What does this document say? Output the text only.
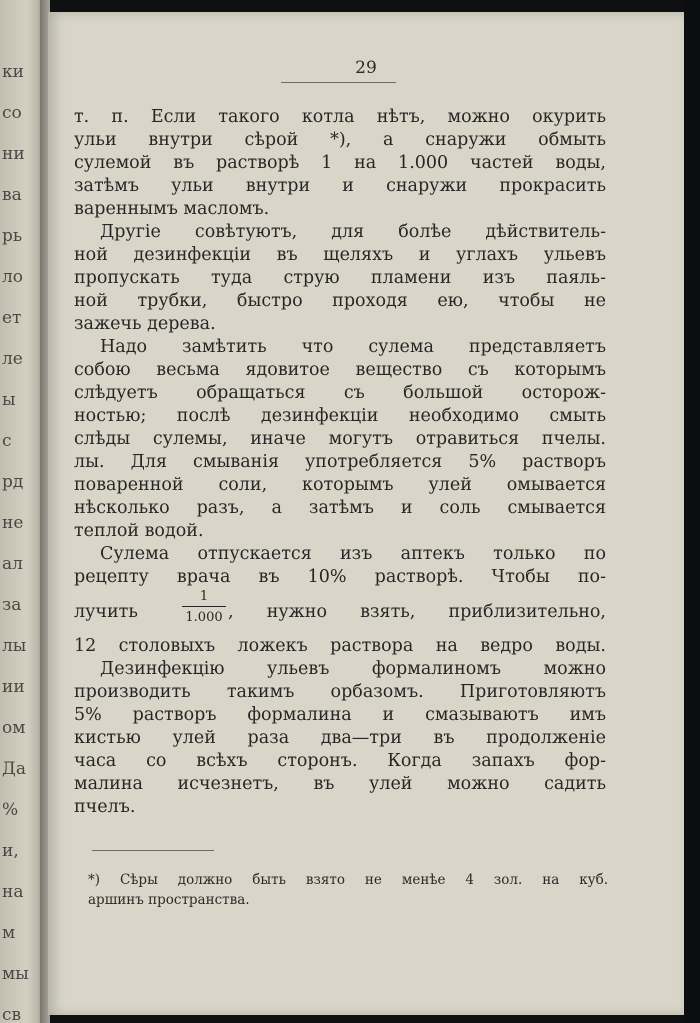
ки
со
ни
ва
рь
ло
ет
ле
ы
с
рд
не
ал
за
лы
ии
ом
Да
%
и,
на
м
мы
св
29
т. п. Если такого котла нѣтъ, можно окурить
ульи внутри сѣрой *), а снаружи обмыть
сулемой въ растворѣ 1 на 1.000 частей воды,
затѣмъ ульи внутри и снаружи прокрасить
вареннымъ масломъ.
Другіе совѣтуютъ, для болѣе дѣйствитель-
ной дезинфекціи въ щеляхъ и углахъ ульевъ
пропускать туда струю пламени изъ паяль-
ной трубки, быстро проходя ею, чтобы не
зажечь дерева.
Надо замѣтить что сулема представляетъ
собою весьма ядовитое вещество съ которымъ
слѣдуетъ обращаться съ большой осторож-
ностью; послѣ дезинфекціи необходимо смыть
слѣды сулемы, иначе могутъ отравиться пчелы.
лы. Для смыванія употребляется 5% растворъ
поваренной соли, которымъ улей омывается
нѣсколько разъ, а затѣмъ и соль смывается
теплой водой.
Сулема отпускается изъ аптекъ только по
рецепту врача въ 10% растворѣ. Чтобы по-
лучить	$\frac{1}{1.000}$ , нужно взять, приблизительно,
12 столовыхъ ложекъ раствора на ведро воды.
Дезинфекцію ульевъ формалиномъ можно
производить такимъ орбазомъ. Приготовляютъ
5% растворъ формалина и смазываютъ имъ
кистью улей раза два—три въ продолженіе
часа со всѣхъ сторонъ. Когда запахъ фор-
малина исчезнетъ, въ улей можно садить
пчелъ.
*) Сѣры должно быть взято не менѣе 4 зол. на куб.
аршинъ пространства.
